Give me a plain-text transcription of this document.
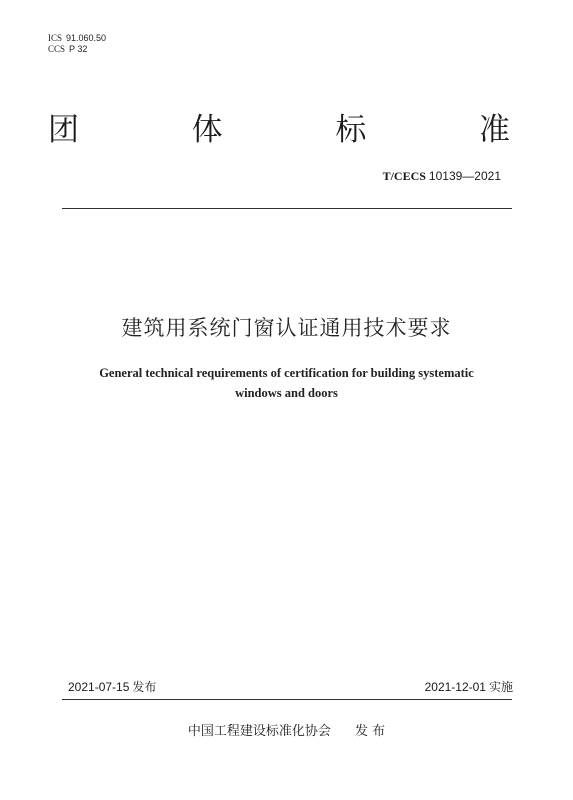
ICS 91.060.50
CCS P 32
团	体	标	准
T/CECS 10139—2021
建筑用系统门窗认证通用技术要求
General technical requirements of certification for building systematic
windows and doors
2021-07-15 发布	2021-12-01 实施
中国工程建设标准化协会 发 布
